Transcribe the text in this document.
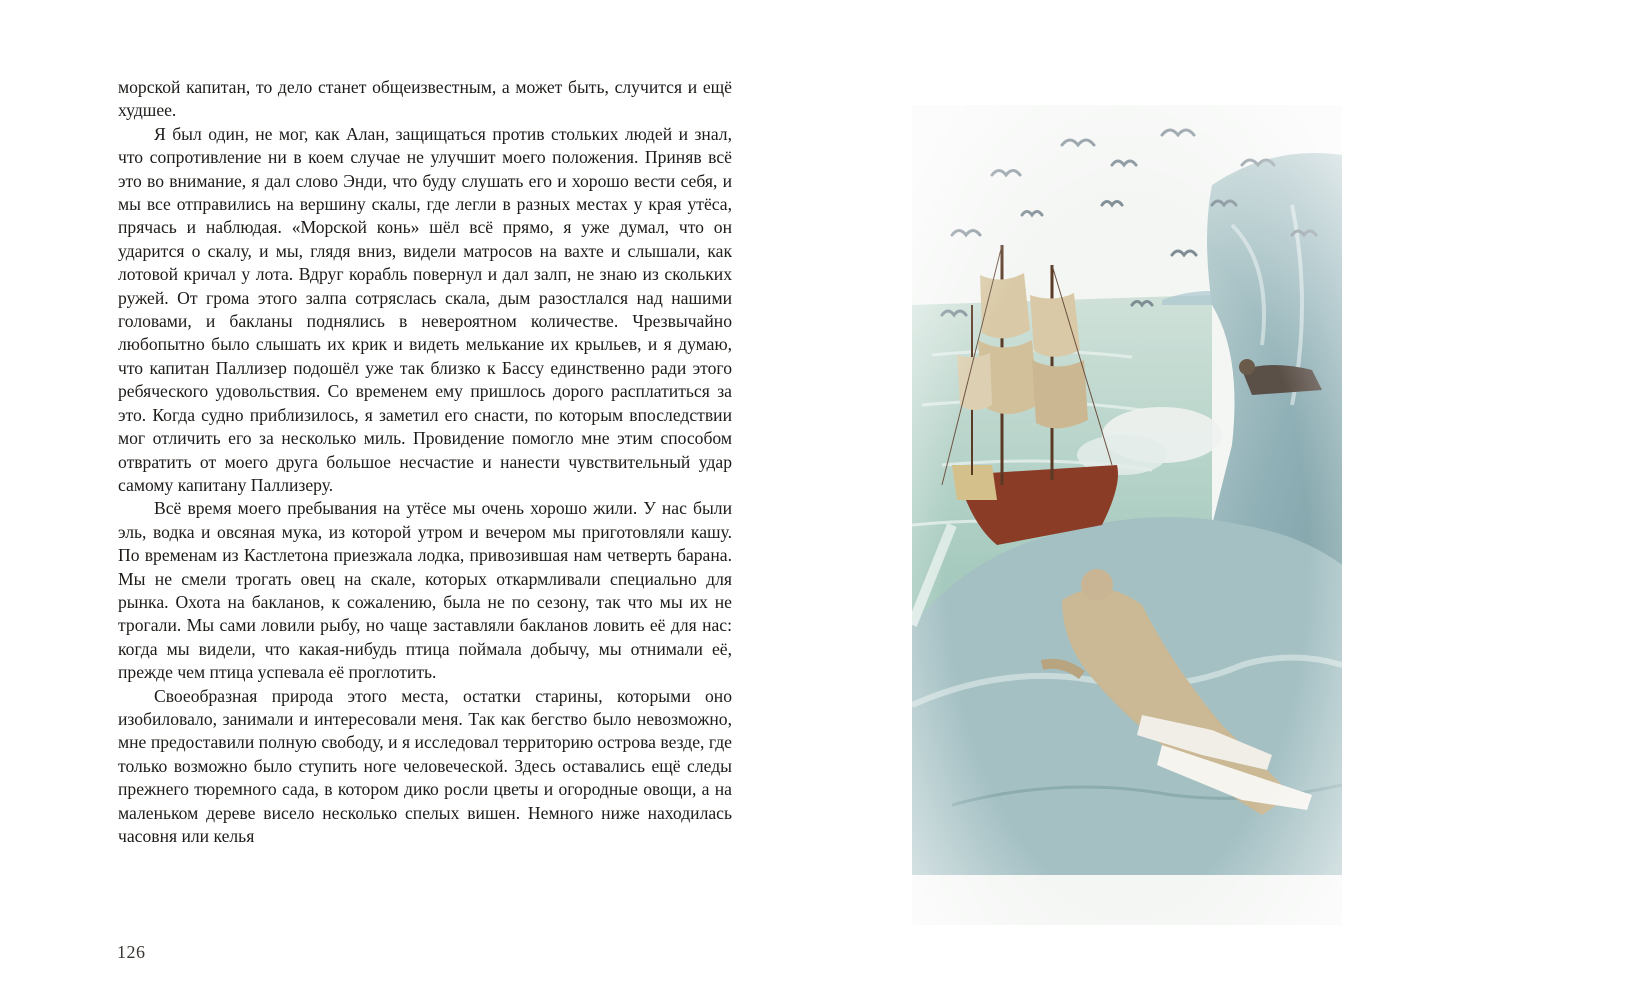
морской капитан, то дело станет общеизвестным, а может быть, случится и ещё худшее.

Я был один, не мог, как Алан, защищаться против стольких людей и знал, что сопротивление ни в коем случае не улучшит моего положения. Приняв всё это во внимание, я дал слово Энди, что буду слушать его и хорошо вести себя, и мы все отправились на вершину скалы, где легли в разных местах у края утёса, прячась и наблюдая. «Морской конь» шёл всё прямо, я уже думал, что он ударится о скалу, и мы, глядя вниз, видели матросов на вахте и слышали, как лотовой кричал у лота. Вдруг корабль повернул и дал залп, не знаю из скольких ружей. От грома этого залпа сотряслась скала, дым разостлался над нашими головами, и бакланы поднялись в невероятном количестве. Чрезвычайно любопытно было слышать их крик и видеть мелькание их крыльев, и я думаю, что капитан Паллизер подошёл уже так близко к Бассу единственно ради этого ребяческого удовольствия. Со временем ему пришлось дорого расплатиться за это. Когда судно приблизилось, я заметил его снасти, по которым впоследствии мог отличить его за несколько миль. Провидение помогло мне этим способом отвратить от моего друга большое несчастие и нанести чувствительный удар самому капитану Паллизеру.

Всё время моего пребывания на утёсе мы очень хорошо жили. У нас были эль, водка и овсяная мука, из которой утром и вечером мы приготовляли кашу. По временам из Кастлетона приезжала лодка, привозившая нам четверть барана. Мы не смели трогать овец на скале, которых откармливали специально для рынка. Охота на бакланов, к сожалению, была не по сезону, так что мы их не трогали. Мы сами ловили рыбу, но чаще заставляли бакланов ловить её для нас: когда мы видели, что какая-нибудь птица поймала добычу, мы отнимали её, прежде чем птица успевала её проглотить.

Своеобразная природа этого места, остатки старины, которыми оно изобиловало, занимали и интересовали меня. Так как бегство было невозможно, мне предоставили полную свободу, и я исследовал территорию острова везде, где только возможно было ступить ноге человеческой. Здесь оставались ещё следы прежнего тюремного сада, в котором дико росли цветы и огородные овощи, а на маленьком дереве висело несколько спелых вишен. Немного ниже находилась часовня или келья

126
